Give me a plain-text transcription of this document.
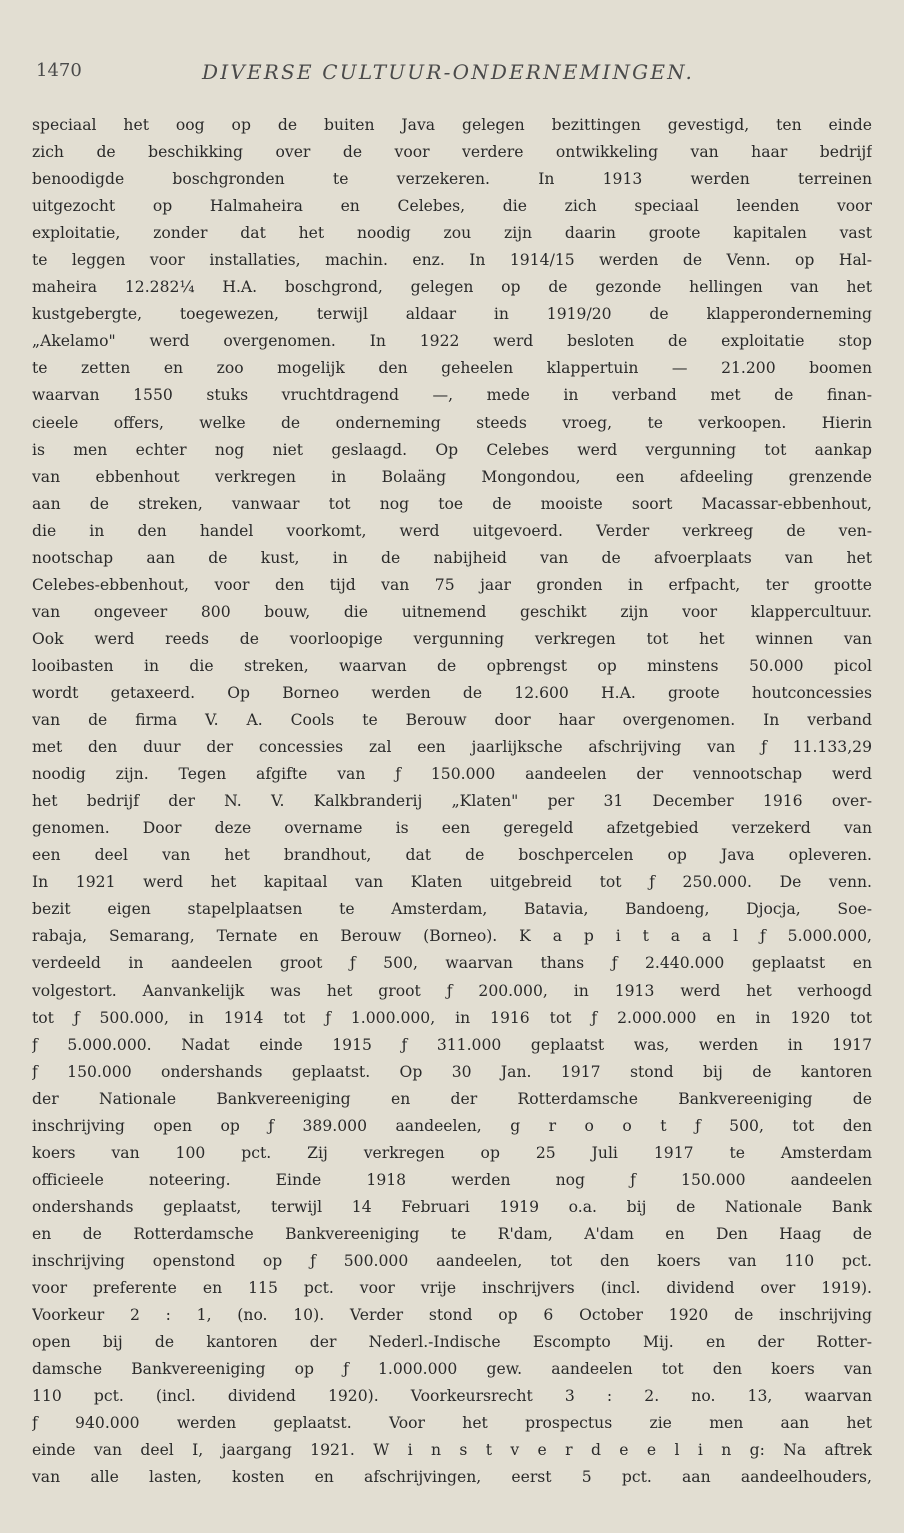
1470	DIVERSE CULTUUR-ONDERNEMINGEN.
speciaal het oog op de buiten Java gelegen bezittingen gevestigd, ten einde
zich de beschikking over de voor verdere ontwikkeling van haar bedrijf
benoodigde boschgronden te verzekeren. In 1913 werden terreinen
uitgezocht op Halmaheira en Celebes, die zich speciaal leenden voor
exploitatie, zonder dat het noodig zou zijn daarin groote kapitalen vast
te leggen voor installaties, machin. enz. In 1914/15 werden de Venn. op Hal-
maheira 12.282¼ H.A. boschgrond, gelegen op de gezonde hellingen van het
kustgebergte, toegewezen, terwijl aldaar in 1919/20 de klapperonderneming
„Akelamo" werd overgenomen. In 1922 werd besloten de exploitatie stop
te zetten en zoo mogelijk den geheelen klappertuin — 21.200 boomen
waarvan 1550 stuks vruchtdragend —, mede in verband met de finan-
cieele offers, welke de onderneming steeds vroeg, te verkoopen. Hierin
is men echter nog niet geslaagd. Op Celebes werd vergunning tot aankap
van ebbenhout verkregen in Bolaäng Mongondou, een afdeeling grenzende
aan de streken, vanwaar tot nog toe de mooiste soort Macassar-ebbenhout,
die in den handel voorkomt, werd uitgevoerd. Verder verkreeg de ven-
nootschap aan de kust, in de nabijheid van de afvoerplaats van het
Celebes-ebbenhout, voor den tijd van 75 jaar gronden in erfpacht, ter grootte
van ongeveer 800 bouw, die uitnemend geschikt zijn voor klappercultuur.
Ook werd reeds de voorloopige vergunning verkregen tot het winnen van
looibasten in die streken, waarvan de opbrengst op minstens 50.000 picol
wordt getaxeerd. Op Borneo werden de 12.600 H.A. groote houtconcessies
van de firma V. A. Cools te Berouw door haar overgenomen. In verband
met den duur der concessies zal een jaarlijksche afschrijving van ƒ 11.133,29
noodig zijn. Tegen afgifte van ƒ 150.000 aandeelen der vennootschap werd
het bedrijf der N. V. Kalkbranderij „Klaten" per 31 December 1916 over-
genomen. Door deze overname is een geregeld afzetgebied verzekerd van
een deel van het brandhout, dat de boschpercelen op Java opleveren.
In 1921 werd het kapitaal van Klaten uitgebreid tot ƒ 250.000. De venn.
bezit eigen stapelplaatsen te Amsterdam, Batavia, Bandoeng, Djocja, Soe-
rabaja, Semarang, Ternate en Berouw (Borneo). K a p i t a a l ƒ 5.000.000,
verdeeld in aandeelen groot ƒ 500, waarvan thans ƒ 2.440.000 geplaatst en
volgestort. Aanvankelijk was het groot ƒ 200.000, in 1913 werd het verhoogd
tot ƒ 500.000, in 1914 tot ƒ 1.000.000, in 1916 tot ƒ 2.000.000 en in 1920 tot
ƒ 5.000.000. Nadat einde 1915 ƒ 311.000 geplaatst was, werden in 1917
ƒ 150.000 ondershands geplaatst. Op 30 Jan. 1917 stond bij de kantoren
der Nationale Bankvereeniging en der Rotterdamsche Bankvereeniging de
inschrijving open op ƒ 389.000 aandeelen, g r o o t ƒ 500, tot den
koers van 100 pct. Zij verkregen op 25 Juli 1917 te Amsterdam
officieele noteering. Einde 1918 werden nog ƒ 150.000 aandeelen
ondershands geplaatst, terwijl 14 Februari 1919 o.a. bij de Nationale Bank
en de Rotterdamsche Bankvereeniging te R'dam, A'dam en Den Haag de
inschrijving openstond op ƒ 500.000 aandeelen, tot den koers van 110 pct.
voor preferente en 115 pct. voor vrije inschrijvers (incl. dividend over 1919).
Voorkeur 2 : 1, (no. 10). Verder stond op 6 October 1920 de inschrijving
open bij de kantoren der Nederl.-Indische Escompto Mij. en der Rotter-
damsche Bankvereeniging op ƒ 1.000.000 gew. aandeelen tot den koers van
110 pct. (incl. dividend 1920). Voorkeursrecht 3 : 2. no. 13, waarvan
ƒ 940.000 werden geplaatst. Voor het prospectus zie men aan het
einde van deel I, jaargang 1921. W i n s t v e r d e e l i n g: Na aftrek
van alle lasten, kosten en afschrijvingen, eerst 5 pct. aan aandeelhouders,
